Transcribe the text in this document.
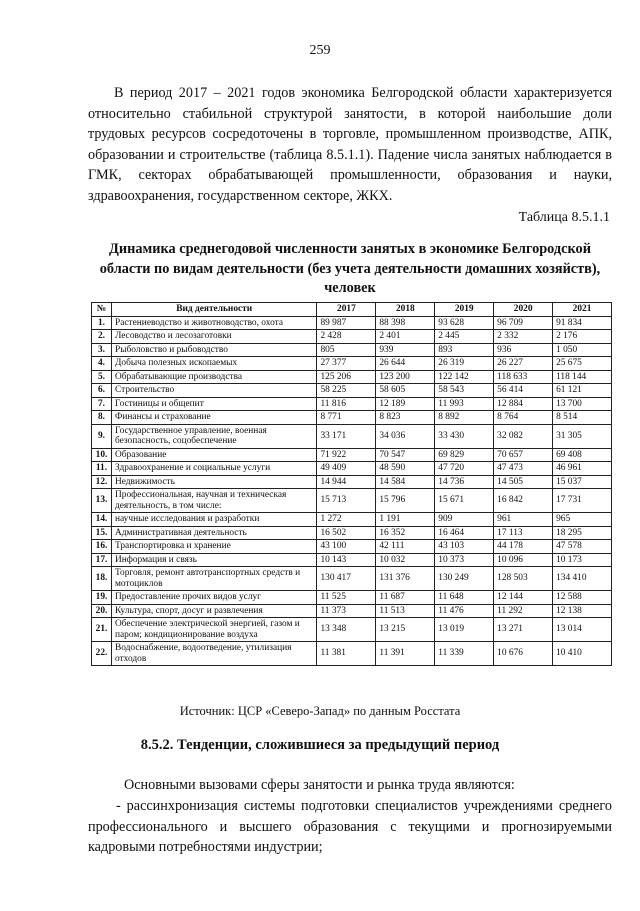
259

В период 2017 – 2021 годов экономика Белгородской области характеризуется относительно стабильной структурой занятости, в которой наибольшие доли трудовых ресурсов сосредоточены в торговле, промышленном производстве, АПК, образовании и строительстве (таблица 8.5.1.1). Падение числа занятых наблюдается в ГМК, секторах обрабатывающей промышленности, образования и науки, здравоохранения, государственном секторе, ЖКХ.

Таблица 8.5.1.1
Динамика среднегодовой численности занятых в экономике Белгородской области по видам деятельности (без учета деятельности домашних хозяйств), человек
№	Вид деятельности	2017	2018	2019	2020	2021
1.	Растениеводство и животноводство, охота	89 987	88 398	93 628	96 709	91 834
2.	Лесоводство и лесозаготовки	2 428	2 401	2 445	2 332	2 176
3.	Рыболовство и рыбоводство	805	939	893	936	1 050
4.	Добыча полезных ископаемых	27 377	26 644	26 319	26 227	25 675
5.	Обрабатывающие производства	125 206	123 200	122 142	118 633	118 144
6.	Строительство	58 225	58 605	58 543	56 414	61 121
7.	Гостиницы и общепит	11 816	12 189	11 993	12 884	13 700
8.	Финансы и страхование	8 771	8 823	8 892	8 764	8 514
9.	Государственное управление, военная безопасность, соцобеспечение	33 171	34 036	33 430	32 082	31 305
10.	Образование	71 922	70 547	69 829	70 657	69 408
11.	Здравоохранение и социальные услуги	49 409	48 590	47 720	47 473	46 961
12.	Недвижимость	14 944	14 584	14 736	14 505	15 037
13.	Профессиональная, научная и техническая деятельность, в том числе:	15 713	15 796	15 671	16 842	17 731
14.	научные исследования и разработки	1 272	1 191	909	961	965
15.	Административная деятельность	16 502	16 352	16 464	17 113	18 295
16.	Транспортировка и хранение	43 100	42 111	43 103	44 178	47 578
17.	Информация и связь	10 143	10 032	10 373	10 096	10 173
18.	Торговля, ремонт автотранспортных средств и мотоциклов	130 417	131 376	130 249	128 503	134 410
19.	Предоставление прочих видов услуг	11 525	11 687	11 648	12 144	12 588
20.	Культура, спорт, досуг и развлечения	11 373	11 513	11 476	11 292	12 138
21.	Обеспечение электрической энергией, газом и паром; кондиционирование воздуха	13 348	13 215	13 019	13 271	13 014
22.	Водоснабжение, водоотведение, утилизация отходов	11 381	11 391	11 339	10 676	10 410
Источник: ЦСР «Северо-Запад» по данным Росстата
8.5.2. Тенденции, сложившиеся за предыдущий период

Основными вызовами сферы занятости и рынка труда являются:

- рассинхронизация системы подготовки специалистов учреждениями среднего профессионального и высшего образования с текущими и прогнозируемыми кадровыми потребностями индустрии;
